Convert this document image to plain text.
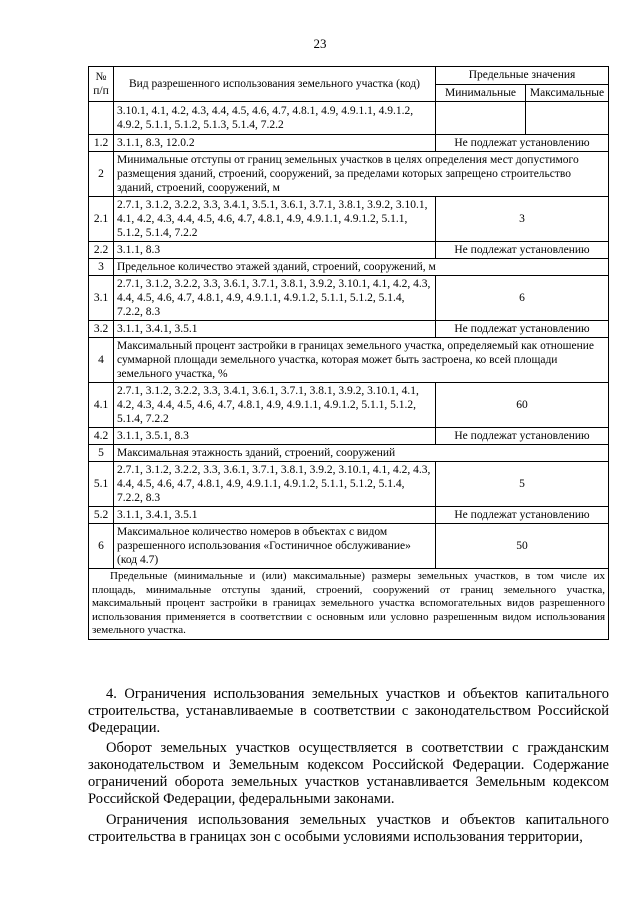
23
№ п/п	Вид разрешенного использования земельного участка (код)	Предельные значения	
		Минимальные	Максимальные
	3.10.1, 4.1, 4.2, 4.3, 4.4, 4.5, 4.6, 4.7, 4.8.1, 4.9, 4.9.1.1, 4.9.1.2, 4.9.2, 5.1.1, 5.1.2, 5.1.3, 5.1.4, 7.2.2		
1.2	3.1.1, 8.3, 12.0.2	Не подлежат установлению	
2	Минимальные отступы от границ земельных участков в целях определения мест допустимого размещения зданий, строений, сооружений, за пределами которых запрещено строительство зданий, строений, сооружений, м		
2.1	2.7.1, 3.1.2, 3.2.2, 3.3, 3.4.1, 3.5.1, 3.6.1, 3.7.1, 3.8.1, 3.9.2, 3.10.1, 4.1, 4.2, 4.3, 4.4, 4.5, 4.6, 4.7, 4.8.1, 4.9, 4.9.1.1, 4.9.1.2, 5.1.1, 5.1.2, 5.1.4, 7.2.2	3	
2.2	3.1.1, 8.3	Не подлежат установлению	
3	Предельное количество этажей зданий, строений, сооружений, м		
3.1	2.7.1, 3.1.2, 3.2.2, 3.3, 3.6.1, 3.7.1, 3.8.1, 3.9.2, 3.10.1, 4.1, 4.2, 4.3, 4.4, 4.5, 4.6, 4.7, 4.8.1, 4.9, 4.9.1.1, 4.9.1.2, 5.1.1, 5.1.2, 5.1.4, 7.2.2, 8.3	6	
3.2	3.1.1, 3.4.1, 3.5.1	Не подлежат установлению	
4	Максимальный процент застройки в границах земельного участка, определяемый как отношение суммарной площади земельного участка, которая может быть застроена, ко всей площади земельного участка, %		
4.1	2.7.1, 3.1.2, 3.2.2, 3.3, 3.4.1, 3.6.1, 3.7.1, 3.8.1, 3.9.2, 3.10.1, 4.1, 4.2, 4.3, 4.4, 4.5, 4.6, 4.7, 4.8.1, 4.9, 4.9.1.1, 4.9.1.2, 5.1.1, 5.1.2, 5.1.4, 7.2.2	60	
4.2	3.1.1, 3.5.1, 8.3	Не подлежат установлению	
5	Максимальная этажность зданий, строений, сооружений		
5.1	2.7.1, 3.1.2, 3.2.2, 3.3, 3.6.1, 3.7.1, 3.8.1, 3.9.2, 3.10.1, 4.1, 4.2, 4.3, 4.4, 4.5, 4.6, 4.7, 4.8.1, 4.9, 4.9.1.1, 4.9.1.2, 5.1.1, 5.1.2, 5.1.4, 7.2.2, 8.3	5	
5.2	3.1.1, 3.4.1, 3.5.1	Не подлежат установлению	
6	Максимальное количество номеров в объектах с видом разрешенного использования «Гостиничное обслуживание» (код 4.7)	50	
Предельные (минимальные и (или) максимальные) размеры земельных участков, в том числе их площадь, минимальные отступы зданий, строений, сооружений от границ земельного участка, максимальный процент застройки в границах земельного участка вспомогательных видов разрешенного использования применяется в соответствии с основным или условно разрешенным видом использования земельного участка.			
4. Ограничения использования земельных участков и объектов капитального строительства, устанавливаемые в соответствии с законодательством Российской Федерации.
Оборот земельных участков осуществляется в соответствии с гражданским законодательством и Земельным кодексом Российской Федерации. Содержание ограничений оборота земельных участков устанавливается Земельным кодексом Российской Федерации, федеральными законами.
Ограничения использования земельных участков и объектов капитального строительства в границах зон с особыми условиями использования территории,
